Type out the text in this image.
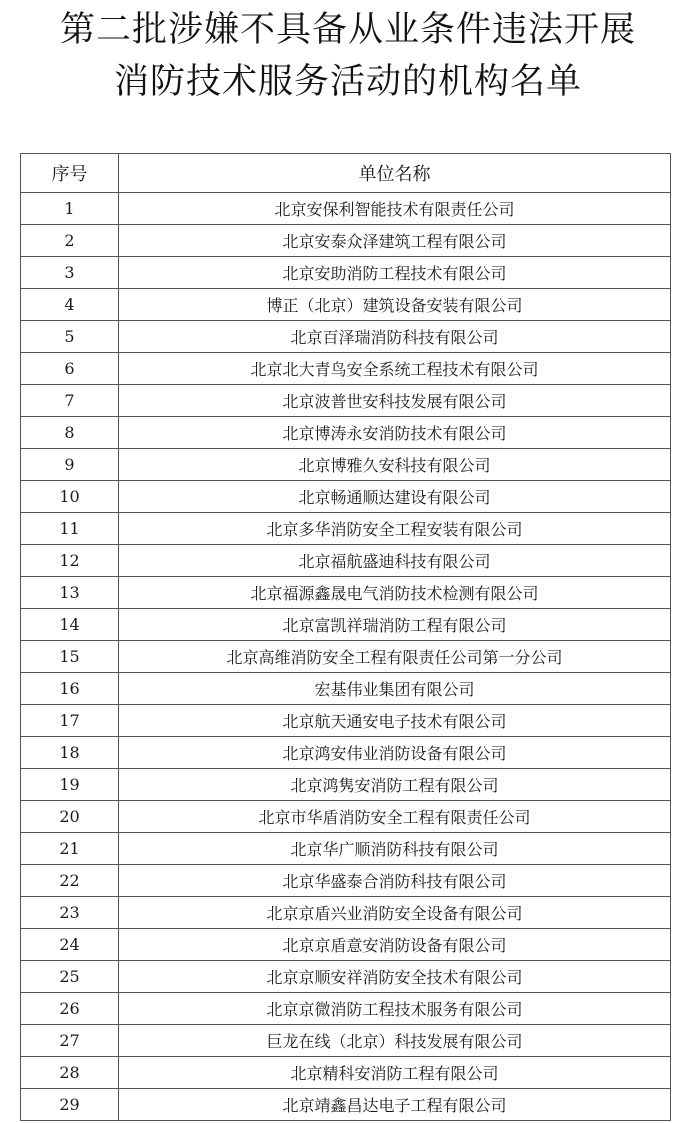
第二批涉嫌不具备从业条件违法开展
消防技术服务活动的机构名单
序号	单位名称
1	北京安保利智能技术有限责任公司
2	北京安泰众泽建筑工程有限公司
3	北京安助消防工程技术有限公司
4	博正（北京）建筑设备安装有限公司
5	北京百泽瑞消防科技有限公司
6	北京北大青鸟安全系统工程技术有限公司
7	北京波普世安科技发展有限公司
8	北京博涛永安消防技术有限公司
9	北京博雅久安科技有限公司
10	北京畅通顺达建设有限公司
11	北京多华消防安全工程安装有限公司
12	北京福航盛迪科技有限公司
13	北京福源鑫晟电气消防技术检测有限公司
14	北京富凯祥瑞消防工程有限公司
15	北京高维消防安全工程有限责任公司第一分公司
16	宏基伟业集团有限公司
17	北京航天通安电子技术有限公司
18	北京鸿安伟业消防设备有限公司
19	北京鸿隽安消防工程有限公司
20	北京市华盾消防安全工程有限责任公司
21	北京华广顺消防科技有限公司
22	北京华盛泰合消防科技有限公司
23	北京京盾兴业消防安全设备有限公司
24	北京京盾意安消防设备有限公司
25	北京京顺安祥消防安全技术有限公司
26	北京京微消防工程技术服务有限公司
27	巨龙在线（北京）科技发展有限公司
28	北京精科安消防工程有限公司
29	北京靖鑫昌达电子工程有限公司
